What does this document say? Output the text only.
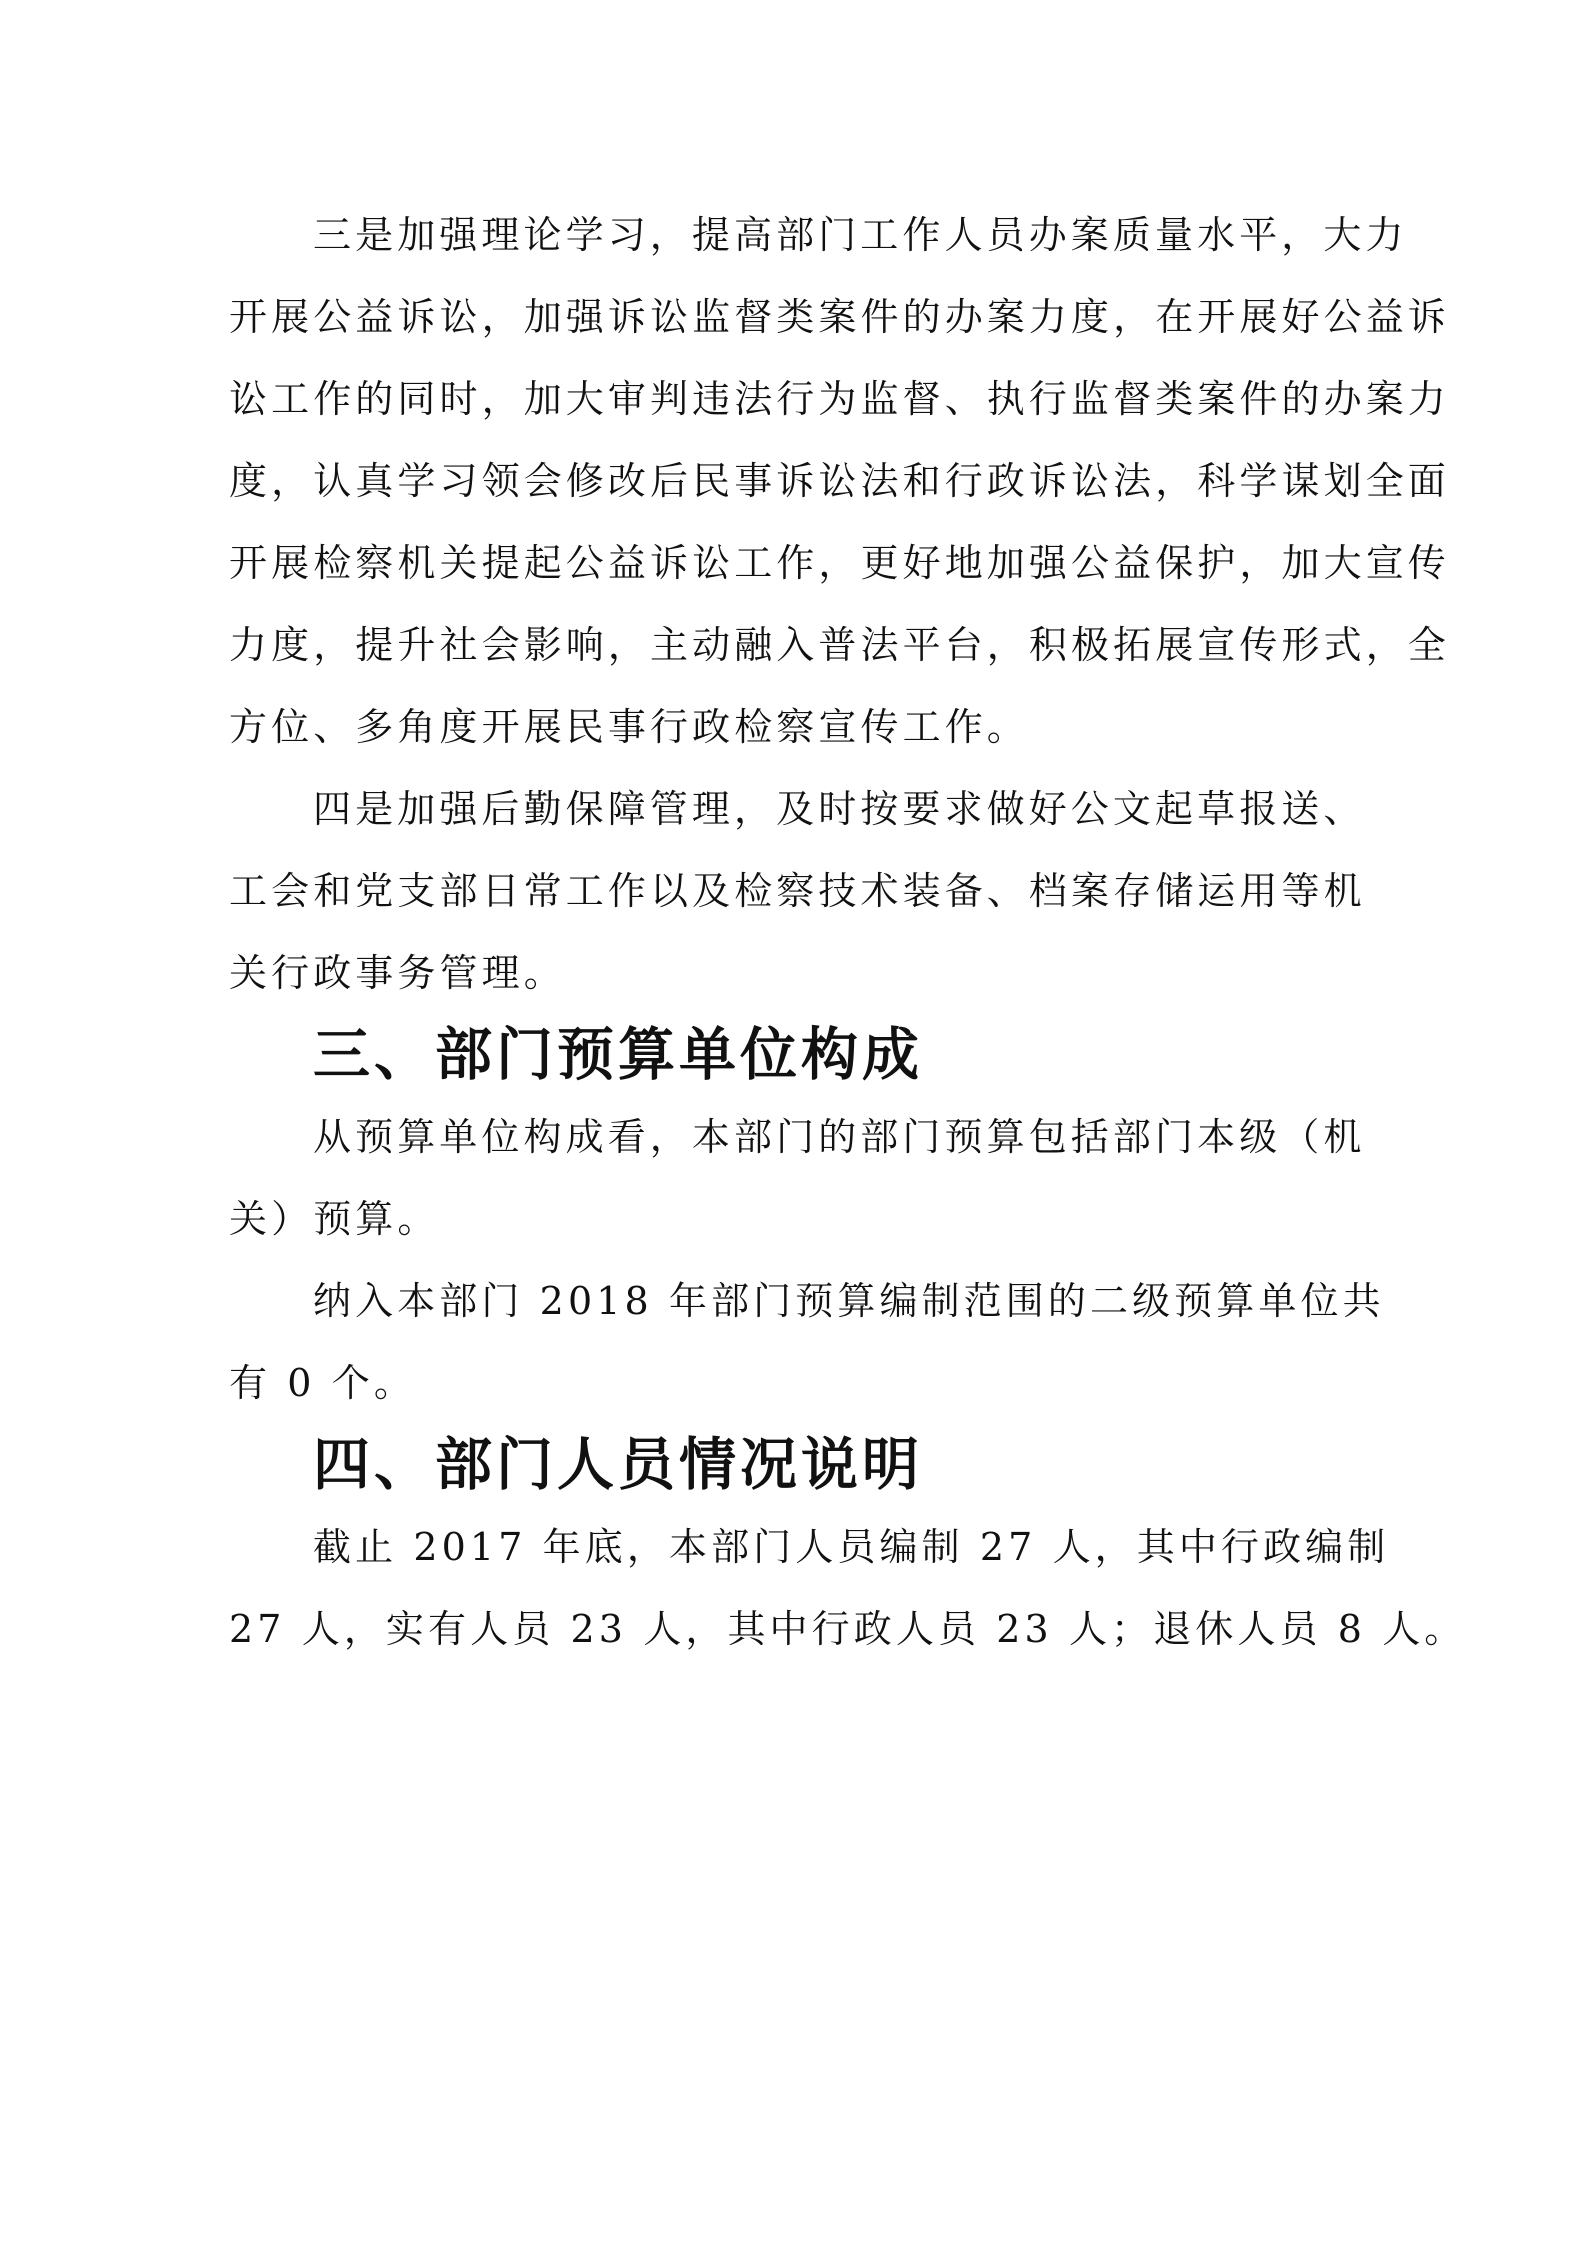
三是加强理论学习，提高部门工作人员办案质量水平，大力
开展公益诉讼，加强诉讼监督类案件的办案力度，在开展好公益诉
讼工作的同时，加大审判违法行为监督、执行监督类案件的办案力
度，认真学习领会修改后民事诉讼法和行政诉讼法，科学谋划全面
开展检察机关提起公益诉讼工作，更好地加强公益保护，加大宣传
力度，提升社会影响，主动融入普法平台，积极拓展宣传形式，全
方位、多角度开展民事行政检察宣传工作。
四是加强后勤保障管理，及时按要求做好公文起草报送、
工会和党支部日常工作以及检察技术装备、档案存储运用等机
关行政事务管理。
三、部门预算单位构成
从预算单位构成看，本部门的部门预算包括部门本级（机
关）预算。
纳入本部门 2018 年部门预算编制范围的二级预算单位共
有 0 个。
四、部门人员情况说明
截止 2017 年底，本部门人员编制 27 人，其中行政编制
27 人，实有人员 23 人，其中行政人员 23 人；退休人员 8 人。
